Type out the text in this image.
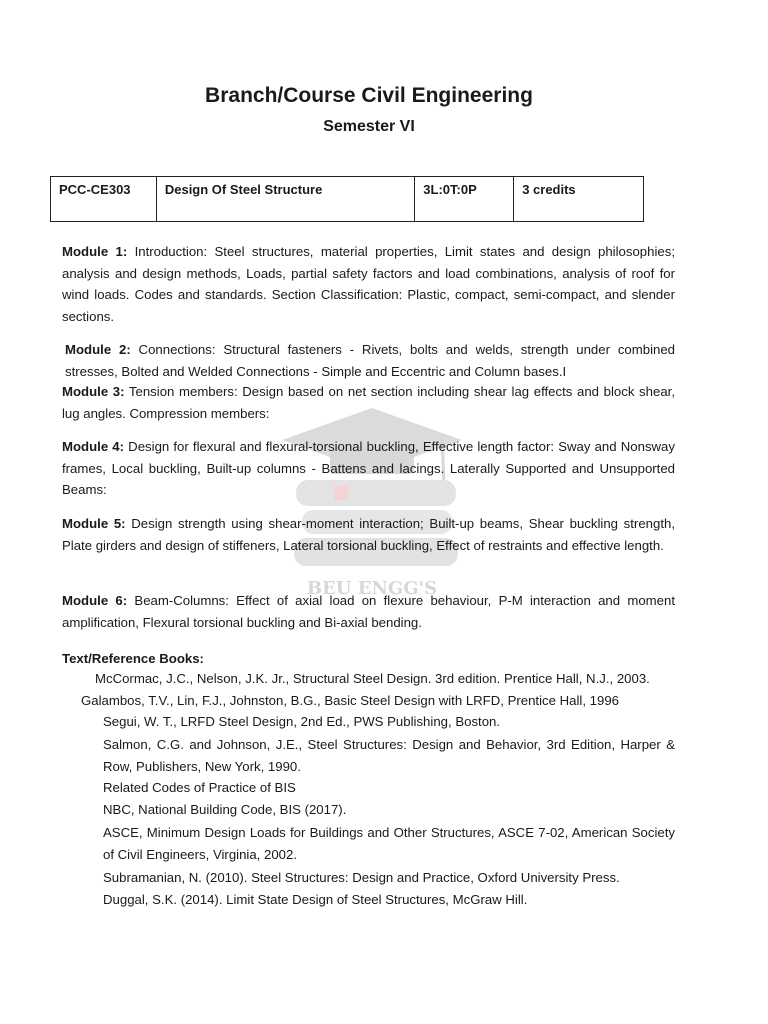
BEU ENGG'S
Branch/Course Civil Engineering
Semester VI
PCC-CE303	Design Of Steel Structure	3L:0T:0P	3 credits
Module 1: Introduction: Steel structures, material properties, Limit states and design philosophies; analysis and design methods, Loads, partial safety factors and load combinations, analysis of roof for wind loads. Codes and standards. Section Classification: Plastic, compact, semi-compact, and slender sections.
Module 2: Connections: Structural fasteners - Rivets, bolts and welds, strength under combined stresses, Bolted and Welded Connections - Simple and Eccentric and Column bases.I
Module 3: Tension members: Design based on net section including shear lag effects and block shear, lug angles. Compression members:
Module 4: Design for flexural and flexural-torsional buckling, Effective length factor: Sway and Nonsway frames, Local buckling, Built-up columns - Battens and lacings. Laterally Supported and Unsupported Beams:
Module 5: Design strength using shear-moment interaction; Built-up beams, Shear buckling strength, Plate girders and design of stiffeners, Lateral torsional buckling, Effect of restraints and effective length.
Module 6: Beam-Columns: Effect of axial load on flexure behaviour, P-M interaction and moment amplification, Flexural torsional buckling and Bi-axial bending.
Text/Reference Books:
McCormac, J.C., Nelson, J.K. Jr., Structural Steel Design. 3rd edition. Prentice Hall, N.J., 2003.
Galambos, T.V., Lin, F.J., Johnston, B.G., Basic Steel Design with LRFD, Prentice Hall, 1996
Segui, W. T., LRFD Steel Design, 2nd Ed., PWS Publishing, Boston.
Salmon, C.G. and Johnson, J.E., Steel Structures: Design and Behavior, 3rd Edition, Harper & Row, Publishers, New York, 1990.
Related Codes of Practice of BIS
NBC, National Building Code, BIS (2017).
ASCE, Minimum Design Loads for Buildings and Other Structures, ASCE 7-02, American Society of Civil Engineers, Virginia, 2002.
Subramanian, N. (2010). Steel Structures: Design and Practice, Oxford University Press.
Duggal, S.K. (2014). Limit State Design of Steel Structures, McGraw Hill.
